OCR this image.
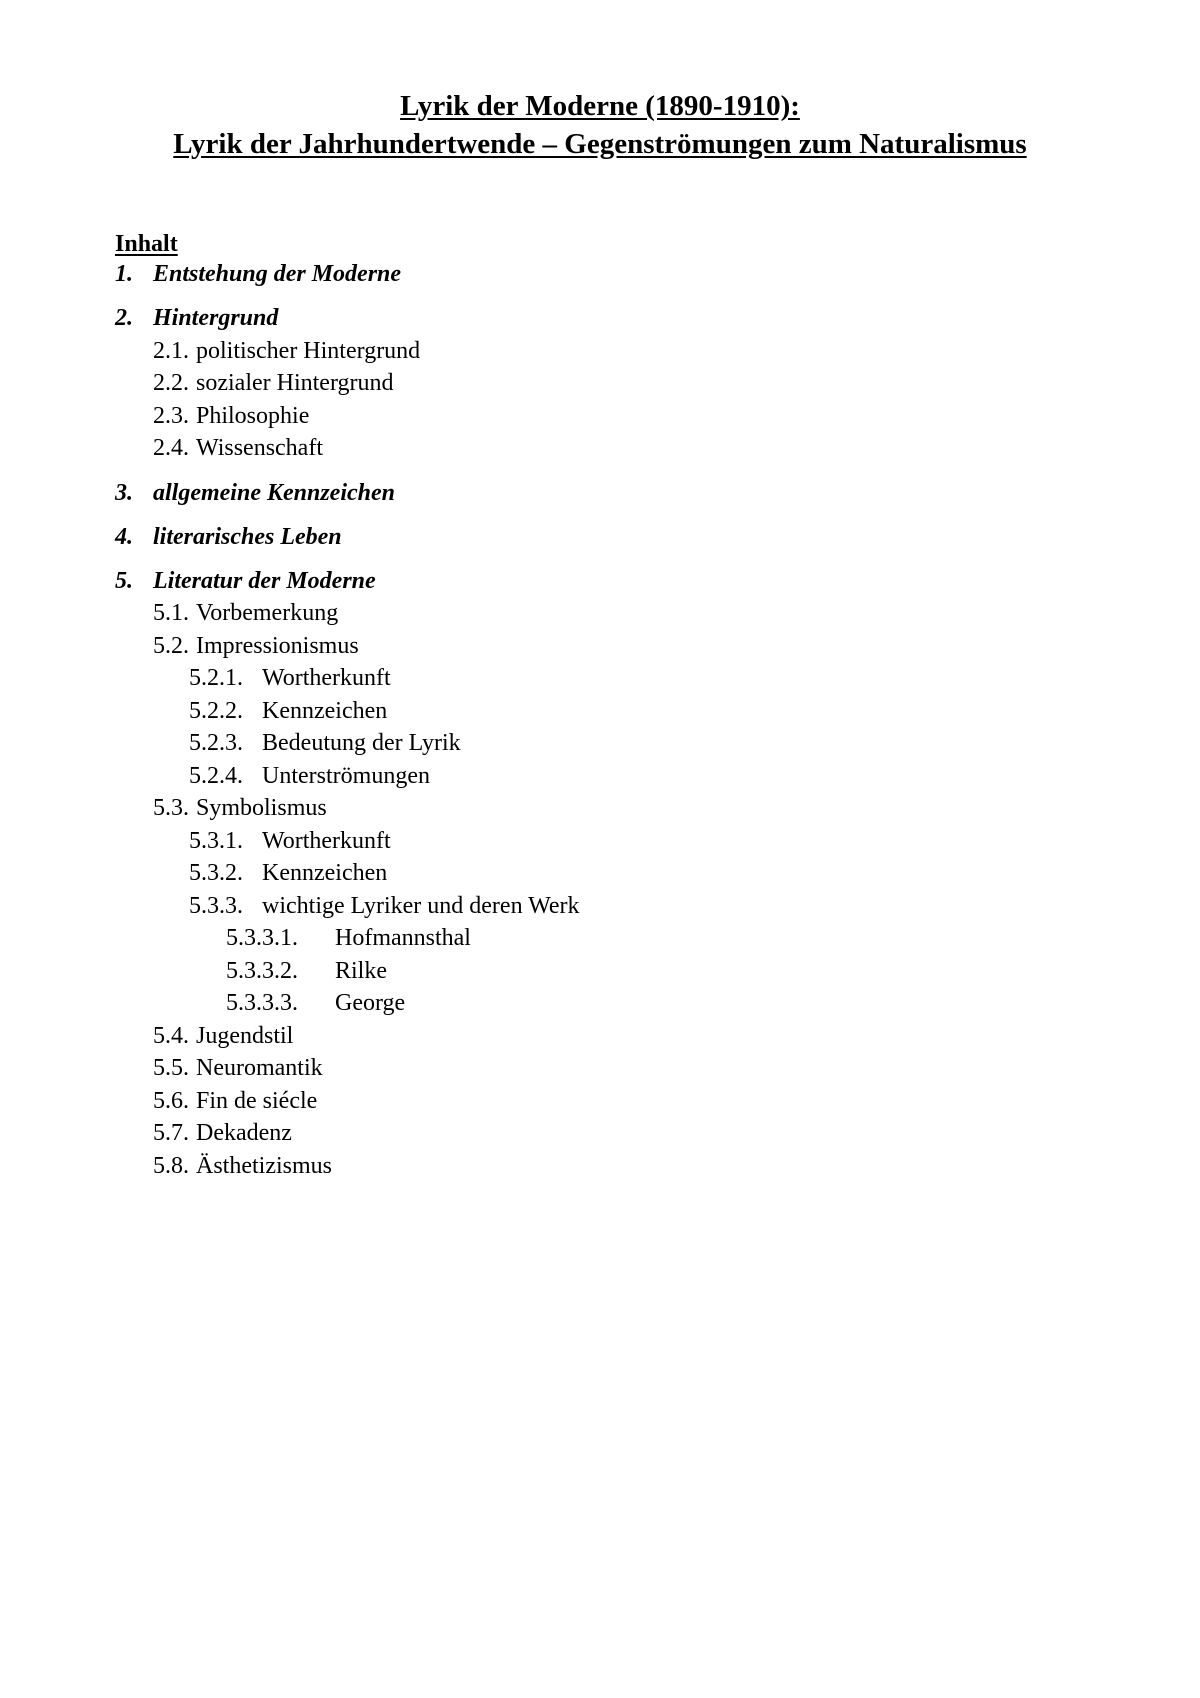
Lyrik der Moderne (1890-1910):
Lyrik der Jahrhundertwende – Gegenströmungen zum Naturalismus
Inhalt

1. Entstehung der Moderne

2. Hintergrund

2.1. politischer Hintergrund

2.2. sozialer Hintergrund

2.3. Philosophie

2.4. Wissenschaft

3. allgemeine Kennzeichen

4. literarisches Leben

5. Literatur der Moderne

5.1. Vorbemerkung

5.2. Impressionismus

5.2.1. Wortherkunft

5.2.2. Kennzeichen

5.2.3. Bedeutung der Lyrik

5.2.4. Unterströmungen

5.3. Symbolismus

5.3.1. Wortherkunft

5.3.2. Kennzeichen

5.3.3. wichtige Lyriker und deren Werk

5.3.3.1. Hofmannsthal

5.3.3.2. Rilke

5.3.3.3. George

5.4. Jugendstil

5.5. Neuromantik

5.6. Fin de siécle

5.7. Dekadenz

5.8. Ästhetizismus
